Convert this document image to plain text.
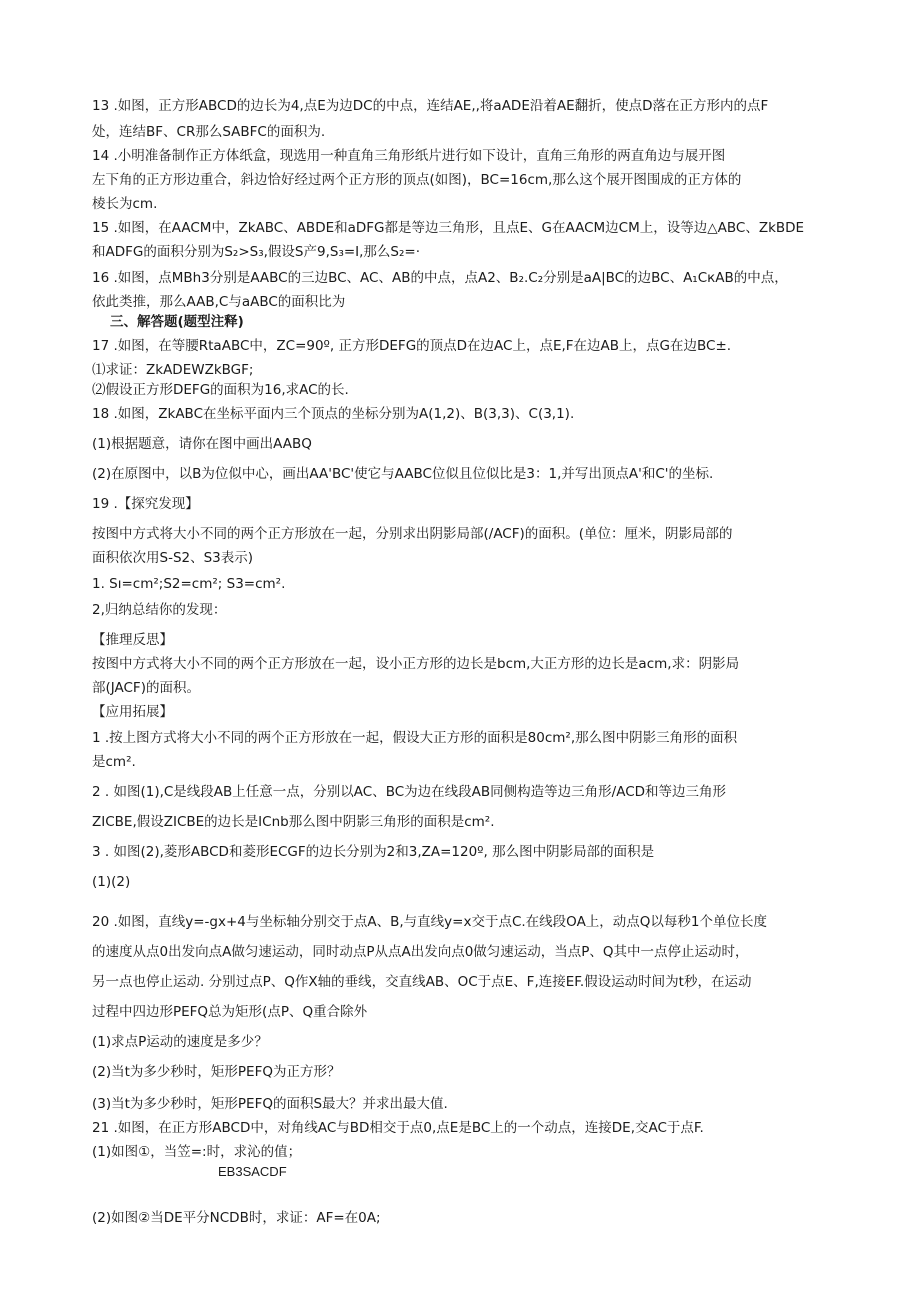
13 .如图，正方形ABCD的边长为4,点E为边DC的中点，连结AE,,将aADE沿着AE翻折，使点D落在正方形内的点F

处，连结BF、CR那么SABFC的面积为.

14 .小明准备制作正方体纸盒，现选用一种直角三角形纸片进行如下设计，直角三角形的两直角边与展开图

左下角的正方形边重合，斜边恰好经过两个正方形的顶点(如图)，BC=16cm,那么这个展开图围成的正方体的

棱长为cm.

15 .如图，在AACM中，ZkABC、ABDE和aDFG都是等边三角形，且点E、G在AACM边CM上，设等边△ABC、ZkBDE

和ADFG的面积分别为S₂>S₃,假设S产9,S₃=I,那么S₂=·

16 .如图，点MBh3分别是AABC的三边BC、AC、AB的中点，点A2、B₂.C₂分别是aA|BC的边BC、A₁CкAB的中点，

依此类推，那么AAB,C与aABC的面积比为

三、解答题(题型注释)

17 .如图，在等腰RtaABC中，ZC=90º, 正方形DEFG的顶点D在边AC上，点E,F在边AB上，点G在边BC±.

⑴求证：ZkADEWZkBGF;

⑵假设正方形DEFG的面积为16,求AC的长.

18 .如图，ZkABC在坐标平面内三个顶点的坐标分别为A(1,2)、B(3,3)、C(3,1).

(1)根据题意，请你在图中画出AABQ

(2)在原图中，以B为位似中心，画出AA'BC'使它与AABC位似且位似比是3：1,并写出顶点A'和C'的坐标.

19 .【探究发现】

按图中方式将大小不同的两个正方形放在一起，分别求出阴影局部(/ACF)的面积。(单位：厘米，阴影局部的

面积依次用S-S2、S3表示)

1. Sı=cm²;S2=cm²; S3=cm².

2,归纳总结你的发现：

【推理反思】

按图中方式将大小不同的两个正方形放在一起，设小正方形的边长是bcm,大正方形的边长是acm,求：阴影局

部(JACF)的面积。

【应用拓展】

1 .按上图方式将大小不同的两个正方形放在一起，假设大正方形的面积是80cm²,那么图中阴影三角形的面积

是cm².

2 . 如图(1),C是线段AB上任意一点，分别以AC、BC为边在线段AB同侧构造等边三角形/ACD和等边三角形

ZICBE,假设ZICBE的边长是ICnb那么图中阴影三角形的面积是cm².

3 . 如图(2),菱形ABCD和菱形ECGF的边长分别为2和3,ZA=120º, 那么图中阴影局部的面积是

(1)(2)

20 .如图，直线y=-gx+4与坐标轴分别交于点A、B,与直线y=x交于点C.在线段OA上，动点Q以每秒1个单位长度

的速度从点0出发向点A做匀速运动，同时动点P从点A出发向点0做匀速运动，当点P、Q其中一点停止运动时，

另一点也停止运动. 分别过点P、Q作X轴的垂线，交直线AB、OC于点E、F,连接EF.假设运动时间为t秒，在运动

过程中四边形PEFQ总为矩形(点P、Q重合除外

(1)求点P运动的速度是多少？

(2)当t为多少秒时，矩形PEFQ为正方形？

(3)当t为多少秒时，矩形PEFQ的面积S最大？并求出最大值.

21 .如图，在正方形ABCD中，对角线AC与BD相交于点0,点E是BC上的一个动点，连接DE,交AC于点F.

(1)如图①，当笠=:时，求沁的值；

EB3SACDF

(2)如图②当DE平分NCDB时，求证：AF=在0A;
